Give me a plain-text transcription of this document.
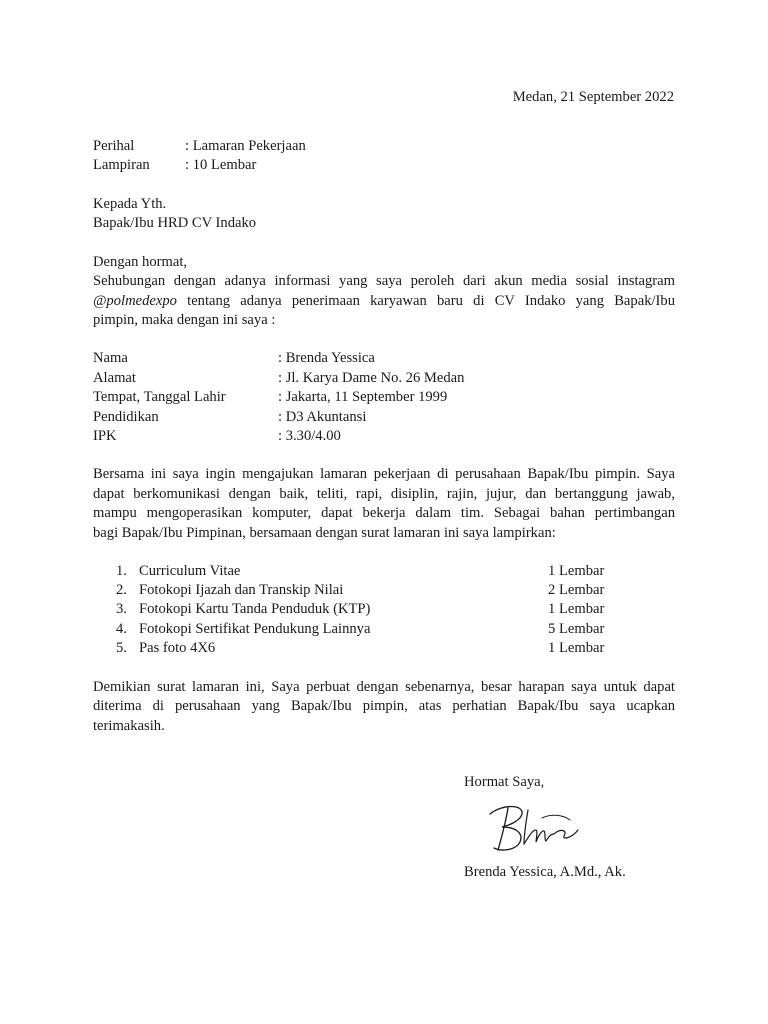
Medan, 21 September 2022
Perihal	: Lamaran Pekerjaan
Lampiran : 10 Lembar
Kepada Yth.
Bapak/Ibu HRD CV Indako
Dengan hormat,
Sehubungan dengan adanya informasi yang saya peroleh dari akun media sosial instagram
@polmedexpo tentang adanya penerimaan karyawan baru di CV Indako yang Bapak/Ibu
pimpin, maka dengan ini saya :
Nama	: Brenda Yessica
Alamat	: Jl. Karya Dame No. 26 Medan
Tempat, Tanggal Lahir	: Jakarta, 11 September 1999
Pendidikan	: D3 Akuntansi
IPK	: 3.30/4.00
Bersama ini saya ingin mengajukan lamaran pekerjaan di perusahaan Bapak/Ibu pimpin. Saya
dapat berkomunikasi dengan baik, teliti, rapi, disiplin, rajin, jujur, dan bertanggung jawab,
mampu mengoperasikan komputer, dapat bekerja dalam tim. Sebagai bahan pertimbangan
bagi Bapak/Ibu Pimpinan, bersamaan dengan surat lamaran ini saya lampirkan:
1. Curriculum Vitae	1 Lembar
2. Fotokopi Ijazah dan Transkip Nilai	2 Lembar
3. Fotokopi Kartu Tanda Penduduk (KTP)	1 Lembar
4. Fotokopi Sertifikat Pendukung Lainnya	5 Lembar
5. Pas foto 4X6	1 Lembar
Demikian surat lamaran ini, Saya perbuat dengan sebenarnya, besar harapan saya untuk dapat
diterima di perusahaan yang Bapak/Ibu pimpin, atas perhatian Bapak/Ibu saya ucapkan
terimakasih.
Hormat Saya,
Brenda Yessica, A.Md., Ak.
